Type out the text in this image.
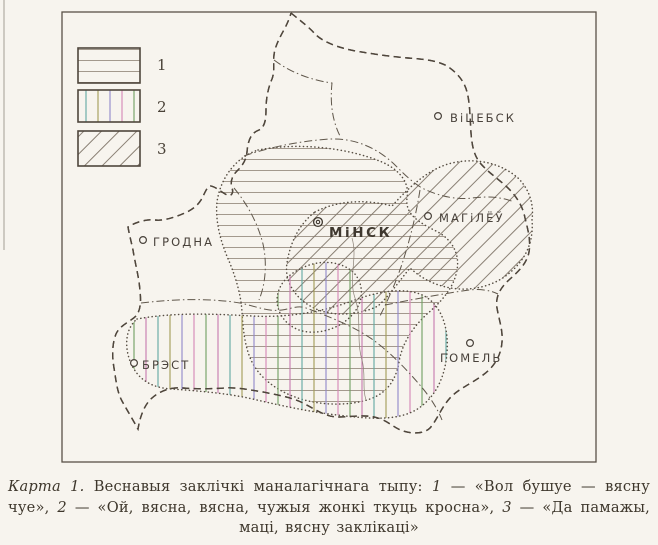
1
2
3
ВіЦЕБСК
МАГіЛЁЎ
МіНСК
ГРОДНА
ГОМЕЛЬ
БРЭСТ
Карта 1. Веснавыя заклічкі маналагічнага тыпу: 1 — «Вол бушуе — вясну
чуе», 2 — «Ой, вясна, вясна, чужыя жонкі ткуць кросна», 3 — «Да памажы,
маці, вясну заклікаці»
